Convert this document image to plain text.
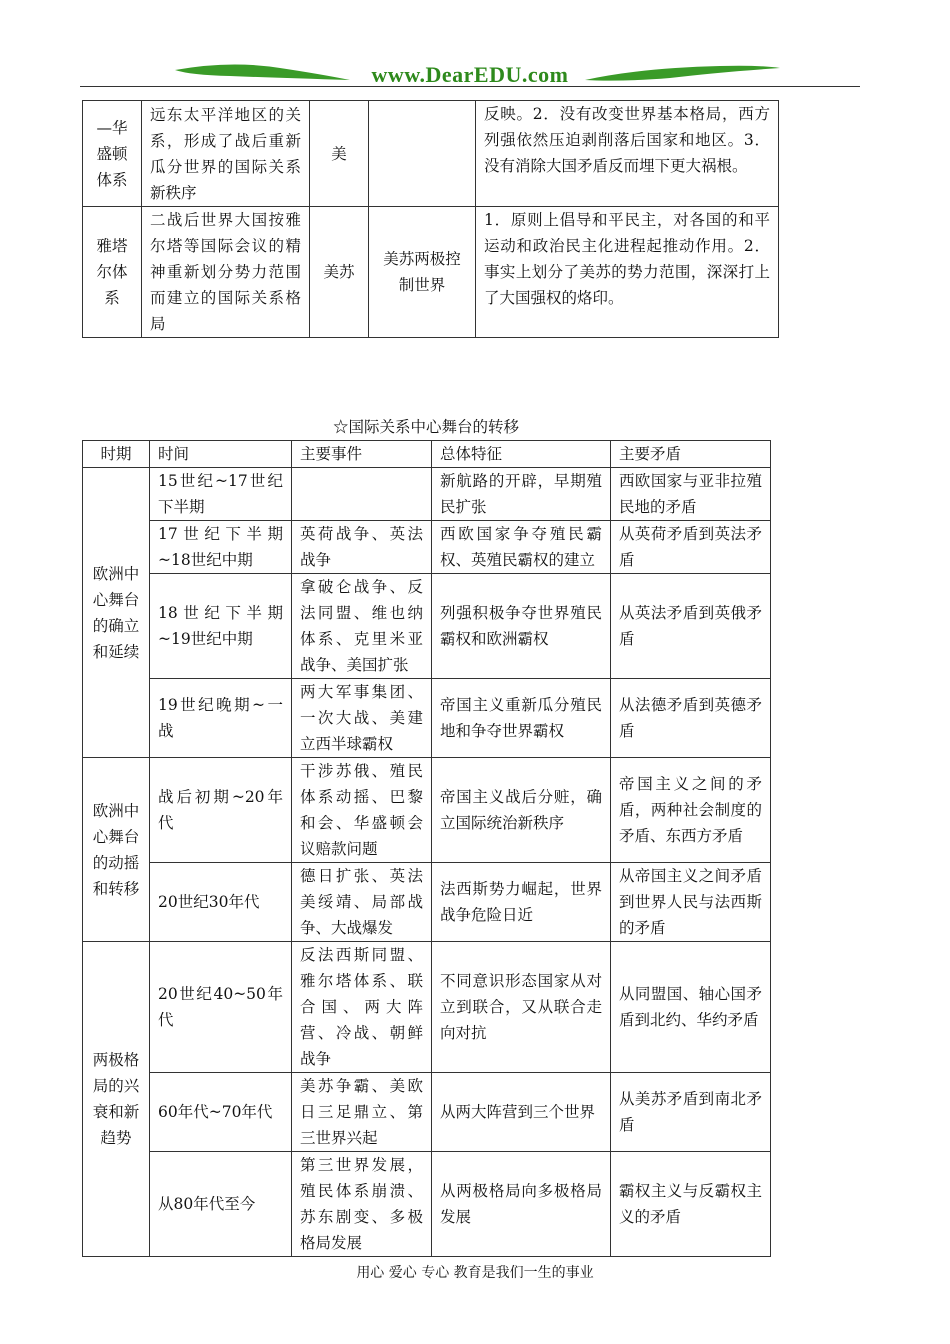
www.DearEDU.com
—华盛顿体系	远东太平洋地区的关系，形成了战后重新瓜分世界的国际关系新秩序	美		反映。2．没有改变世界基本格局，西方列强依然压迫剥削落后国家和地区。3．没有消除大国矛盾反而埋下更大祸根。
雅塔尔体系	二战后世界大国按雅尔塔等国际会议的精神重新划分势力范围而建立的国际关系格局	美苏	美苏两极控制世界	1．原则上倡导和平民主，对各国的和平运动和政治民主化进程起推动作用。2．事实上划分了美苏的势力范围，深深打上了大国强权的烙印。
☆国际关系中心舞台的转移
时期	时间	主要事件	总体特征	主要矛盾
欧洲中心舞台的确立和延续	15世纪~17世纪下半期		新航路的开辟，早期殖民扩张	西欧国家与亚非拉殖民地的矛盾
	17世纪下半期~18世纪中期	英荷战争、英法战争	西欧国家争夺殖民霸权、英殖民霸权的建立	从英荷矛盾到英法矛盾
	18世纪下半期~19世纪中期	拿破仑战争、反法同盟、维也纳体系、克里米亚战争、美国扩张	列强积极争夺世界殖民霸权和欧洲霸权	从英法矛盾到英俄矛盾
	19世纪晚期~一战	两大军事集团、一次大战、美建立西半球霸权	帝国主义重新瓜分殖民地和争夺世界霸权	从法德矛盾到英德矛盾
欧洲中心舞台的动摇和转移	战后初期~20年代	干涉苏俄、殖民体系动摇、巴黎和会、华盛顿会议赔款问题	帝国主义战后分赃，确立国际统治新秩序	帝国主义之间的矛盾，两种社会制度的矛盾、东西方矛盾
	20世纪30年代	德日扩张、英法美绥靖、局部战争、大战爆发	法西斯势力崛起，世界战争危险日近	从帝国主义之间矛盾到世界人民与法西斯的矛盾
两极格局的兴衰和新趋势	20世纪40~50年代	反法西斯同盟、雅尔塔体系、联合国、两大阵营、冷战、朝鲜战争	不同意识形态国家从对立到联合，又从联合走向对抗	从同盟国、轴心国矛盾到北约、华约矛盾
	60年代~70年代	美苏争霸、美欧日三足鼎立、第三世界兴起	从两大阵营到三个世界	从美苏矛盾到南北矛盾
	从80年代至今	第三世界发展，殖民体系崩溃、苏东剧变、多极格局发展	从两极格局向多极格局发展	霸权主义与反霸权主义的矛盾
用心 爱心 专心 教育是我们一生的事业
